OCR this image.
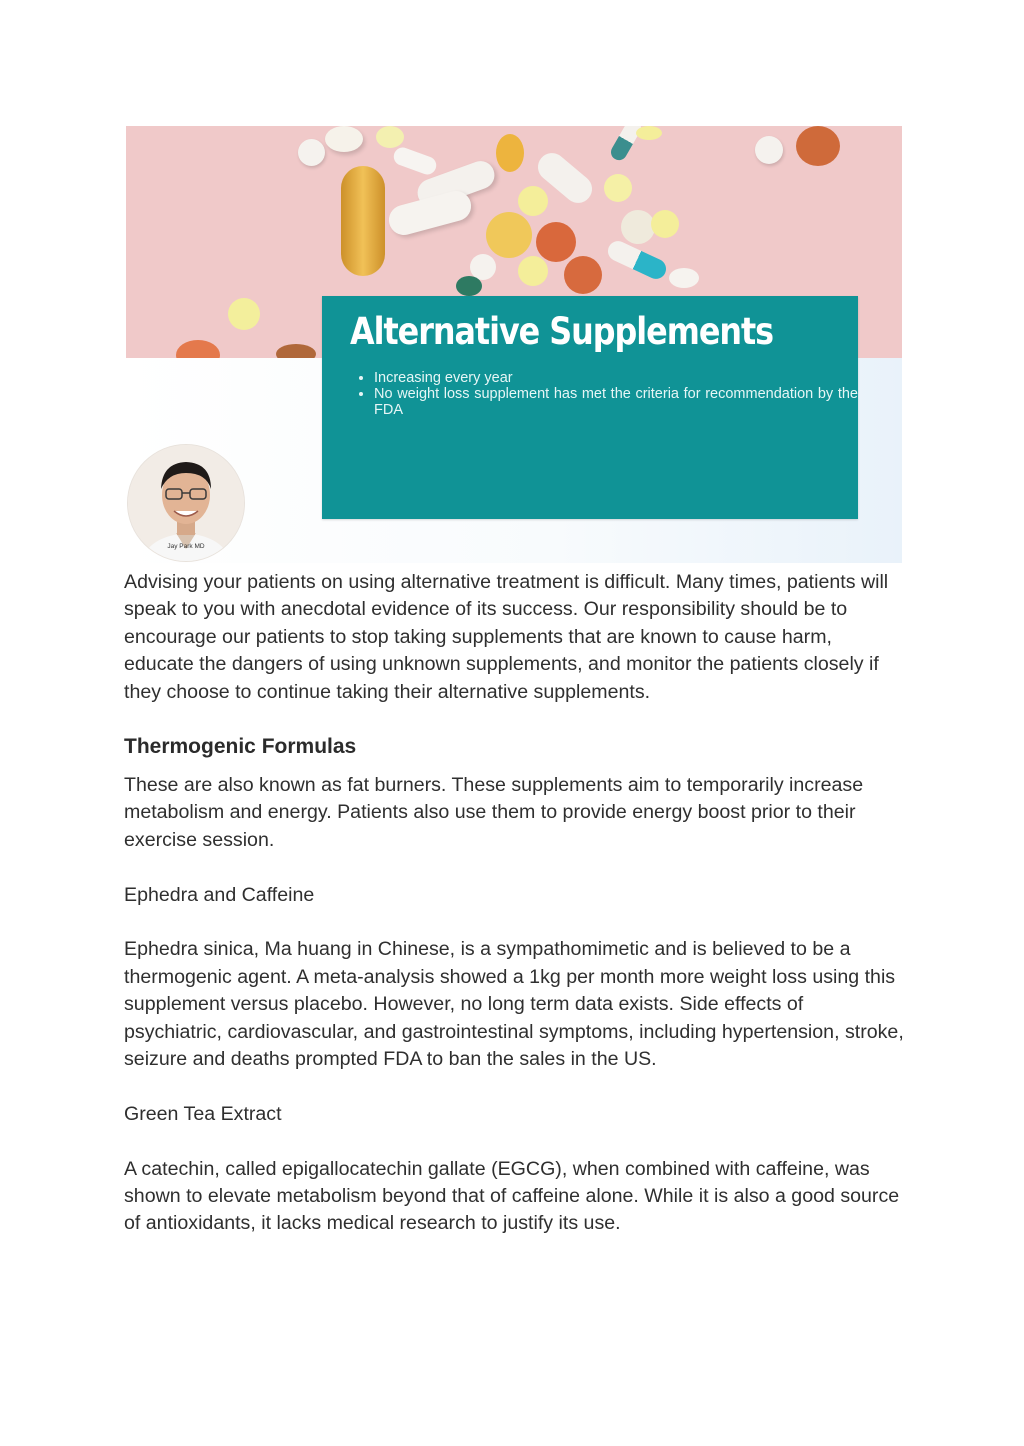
Alternative Supplements
• Increasing every year
• No weight loss supplement has met the criteria for recommendation by the FDA
Jay Park MD

Advising your patients on using alternative treatment is difficult. Many times, patients will speak to you with anecdotal evidence of its success. Our responsibility should be to encourage our patients to stop taking supplements that are known to cause harm, educate the dangers of using unknown supplements, and monitor the patients closely if they choose to continue taking their alternative supplements.

Thermogenic Formulas

These are also known as fat burners. These supplements aim to temporarily increase metabolism and energy. Patients also use them to provide energy boost prior to their exercise session.

Ephedra and Caffeine

Ephedra sinica, Ma huang in Chinese, is a sympathomimetic and is believed to be a thermogenic agent. A meta-analysis showed a 1kg per month more weight loss using this supplement versus placebo. However, no long term data exists. Side effects of psychiatric, cardiovascular, and gastrointestinal symptoms, including hypertension, stroke, seizure and deaths prompted FDA to ban the sales in the US.

Green Tea Extract

A catechin, called epigallocatechin gallate (EGCG), when combined with caffeine, was shown to elevate metabolism beyond that of caffeine alone. While it is also a good source of antioxidants, it lacks medical research to justify its use.
